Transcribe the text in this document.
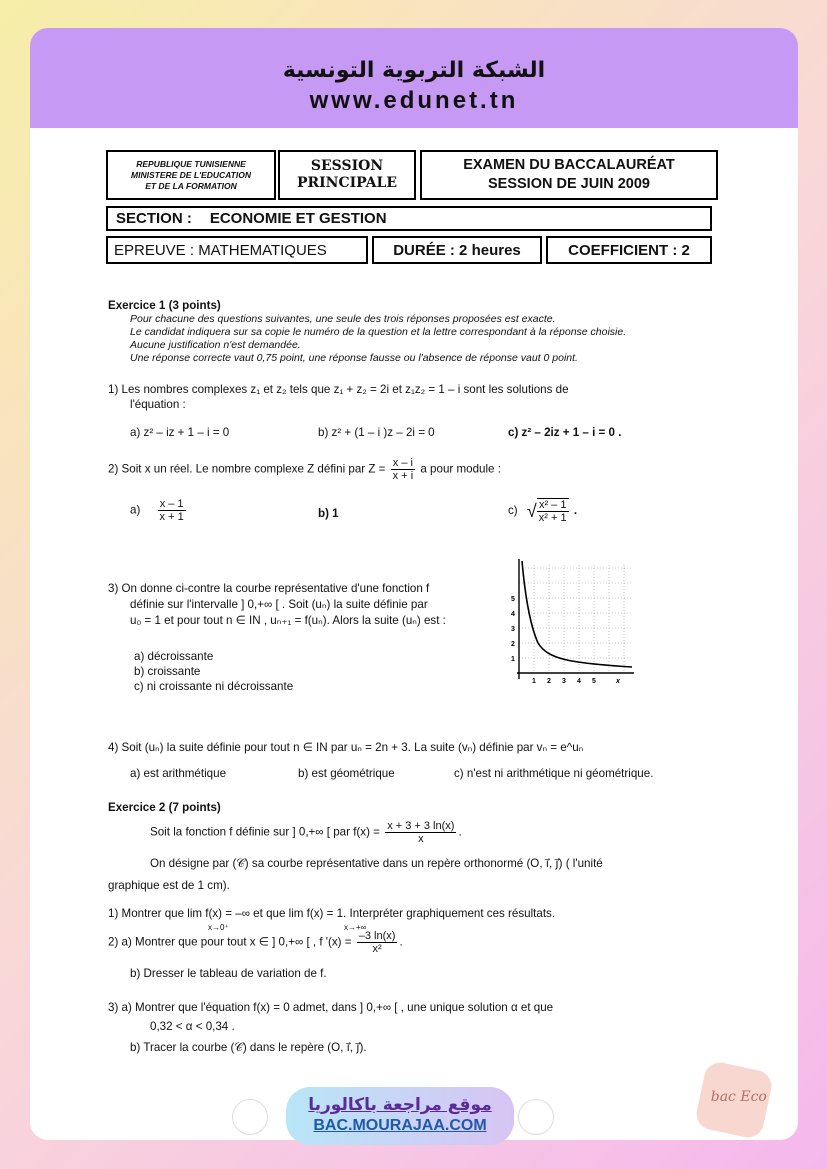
الشبكة التربوية التونسية
www.edunet.tn
REPUBLIQUE TUNISIENNE
MINISTERE DE L'EDUCATION
ET DE LA FORMATION
SESSION
PRINCIPALE
EXAMEN DU BACCALAURÉAT
SESSION DE JUIN 2009
SECTION : ECONOMIE ET GESTION
EPREUVE : MATHEMATIQUES	DURÉE : 2 heures	COEFFICIENT : 2
Exercice 1 (3 points)
Pour chacune des questions suivantes, une seule des trois réponses proposées est exacte.
Le candidat indiquera sur sa copie le numéro de la question et la lettre correspondant à la réponse choisie.
Aucune justification n'est demandée.
Une réponse correcte vaut 0,75 point, une réponse fausse ou l'absence de réponse vaut 0 point.
1) Les nombres complexes z₁ et z₂ tels que z₁ + z₂ = 2i et z₁z₂ = 1 – i sont les solutions de
l'équation :
a) z² – iz + 1 – i = 0	b) z² + (1 – i )z – 2i = 0	c) z² – 2iz + 1 – i = 0 .
2) Soit x un réel. Le nombre complexe Z défini par $Z = \frac{x - i}{x + i}$ a pour module :
$a) \frac{x - 1}{x + 1}$	b) 1	c) √ $\frac{\text{x² – 1}}{\text{x² + 1}}$ .
3) On donne ci-contre la courbe représentative d'une fonction f
définie sur l'intervalle ] 0,+∞ [ . Soit (uₙ) la suite définie par
u₀ = 1 et pour tout n ∈ IN , uₙ₊₁ = f(uₙ). Alors la suite (uₙ) est :
a) décroissante
b) croissante
c) ni croissante ni décroissante
4) Soit (uₙ) la suite définie pour tout n ∈ IN par uₙ = 2n + 3. La suite (vₙ) définie par vₙ = e^uₙ
a) est arithmétique	b) est géométrique	c) n'est ni arithmétique ni géométrique.
Exercice 2 (7 points)
Soit la fonction f définie sur ] 0,+∞ [ par $f(x) = \frac{x + 3 + 3 \ln(x)}{x}$ .
On désigne par (𝒞) sa courbe représentative dans un repère orthonormé (O, i⃗, j⃗) ( l'unité
graphique est de 1 cm).
1) Montrer que lim f(x) = –∞ et que lim f(x) = 1. Interpréter graphiquement ces résultats.
x→0⁺	x→+∞
2) a) Montrer que pour tout x ∈ ] 0,+∞ [ , f '$(x) = \frac{-3 \ln(x)}{\text{x²}}$ .
b) Dresser le tableau de variation de f.
3) a) Montrer que l'équation f(x) = 0 admet, dans ] 0,+∞ [ , une unique solution α et que
0,32 < α < 0,34 .
b) Tracer la courbe (𝒞) dans le repère (O, i⃗, j⃗).
1 2 3 4 5	x
1
2
3
4
5
موقع مراجعة باكالوريا
BAC.MOURAJAA.COM
bac Eco
